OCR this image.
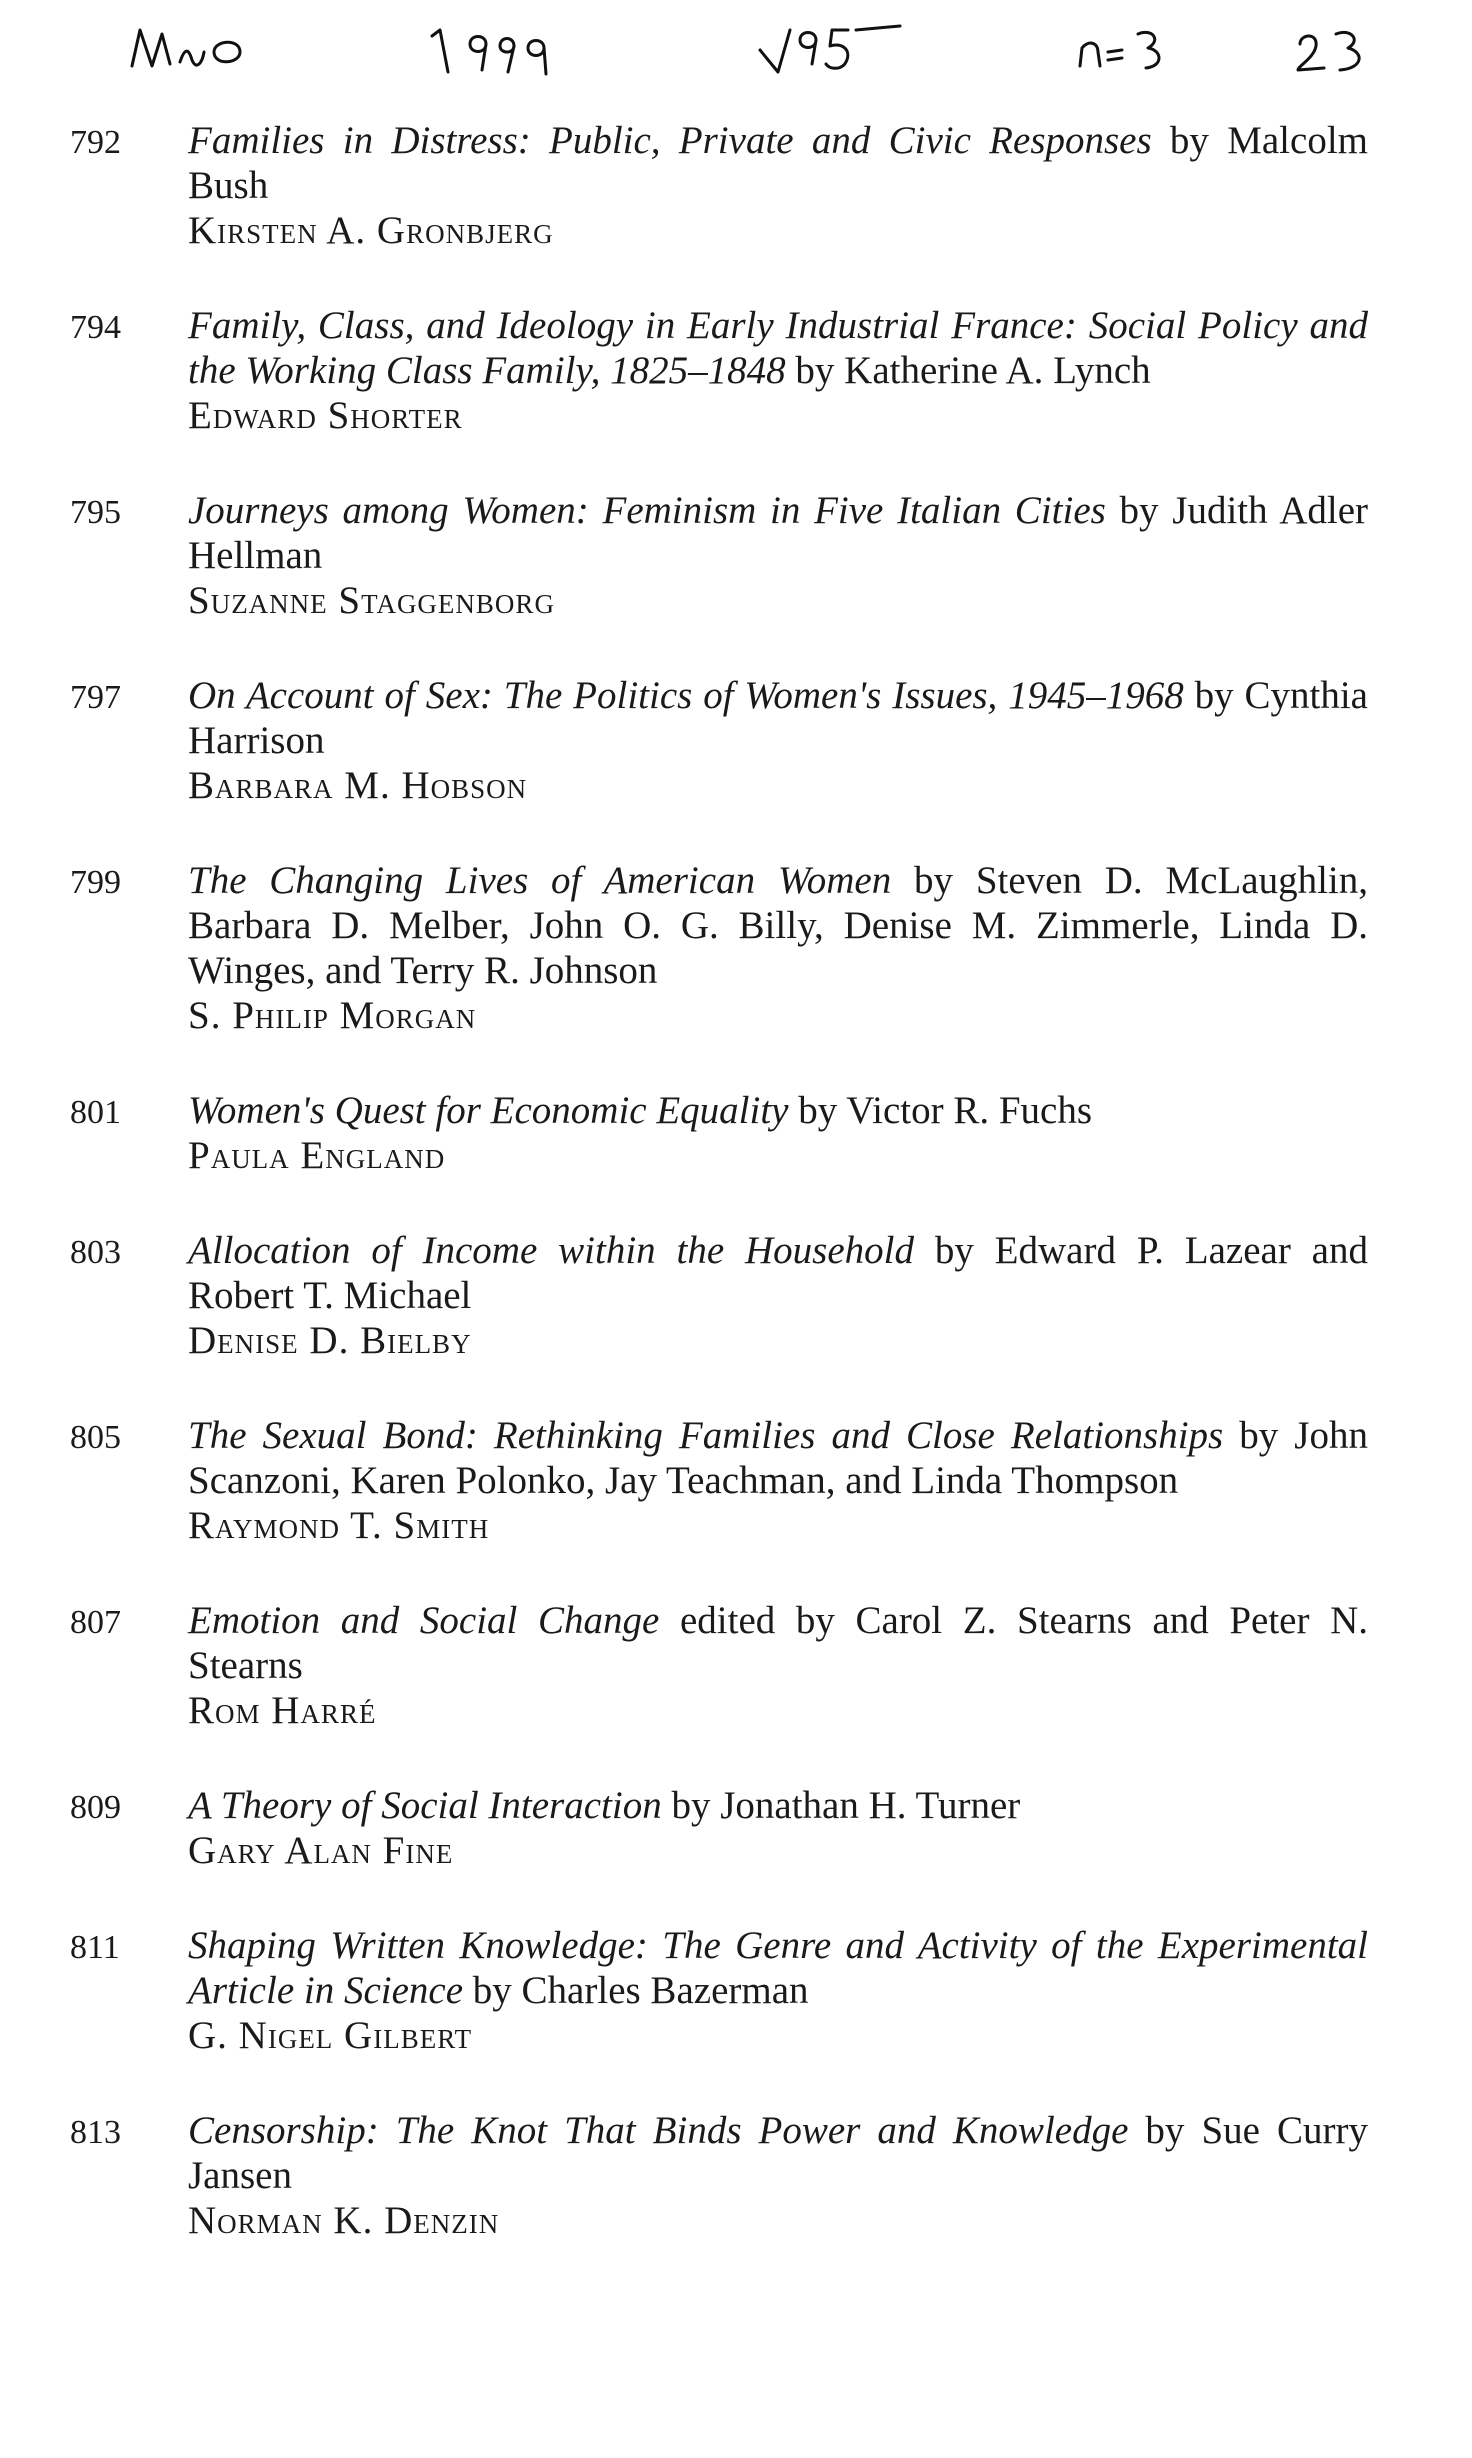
792	Families in Distress: Public, Private and Civic Responses by Malcolm Bush
Kirsten A. Gronbjerg
794	Family, Class, and Ideology in Early Industrial France: Social Policy and the Working Class Family, 1825–1848 by Katherine A. Lynch
Edward Shorter
795	Journeys among Women: Feminism in Five Italian Cities by Judith Adler Hellman
Suzanne Staggenborg
797	On Account of Sex: The Politics of Women's Issues, 1945–1968 by Cynthia Harrison
Barbara M. Hobson
799	The Changing Lives of American Women by Steven D. McLaughlin, Barbara D. Melber, John O. G. Billy, Denise M. Zimmerle, Linda D. Winges, and Terry R. Johnson
S. Philip Morgan
801	Women's Quest for Economic Equality by Victor R. Fuchs
Paula England
803	Allocation of Income within the Household by Edward P. Lazear and Robert T. Michael
Denise D. Bielby
805	The Sexual Bond: Rethinking Families and Close Relationships by John Scanzoni, Karen Polonko, Jay Teachman, and Linda Thompson
Raymond T. Smith
807	Emotion and Social Change edited by Carol Z. Stearns and Peter N. Stearns
Rom Harré
809	A Theory of Social Interaction by Jonathan H. Turner
Gary Alan Fine
811	Shaping Written Knowledge: The Genre and Activity of the Experimental Article in Science by Charles Bazerman
G. Nigel Gilbert
813	Censorship: The Knot That Binds Power and Knowledge by Sue Curry Jansen
Norman K. Denzin
